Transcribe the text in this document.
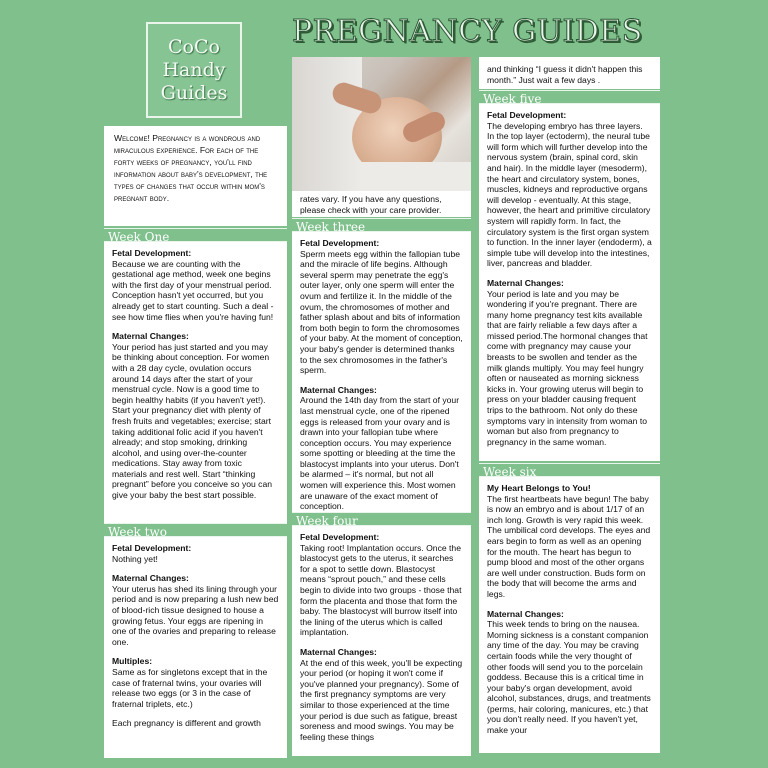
CoCo
Handy
Guides
PREGNANCY GUIDES
Welcome! Pregnancy is a wondrous and miraculous experience. For each of the forty weeks of pregnancy, you'll find information about baby's development, the types of changes that occur within mom's pregnant body.
Week One

Fetal Development:
Because we are counting with the gestational age method, week one begins with the first day of your menstrual period. Conception hasn't yet occurred, but you already get to start counting. Such a deal - see how time flies when you're having fun!

Maternal Changes:
Your period has just started and you may be thinking about conception. For women with a 28 day cycle, ovulation occurs around 14 days after the start of your menstrual cycle. Now is a good time to begin healthy habits (if you haven't yet!). Start your pregnancy diet with plenty of fresh fruits and vegetables; exercise; start taking additional folic acid if you haven't already; and stop smoking, drinking alcohol, and using over-the-counter medications. Stay away from toxic materials and rest well. Start “thinking pregnant” before you conceive so you can give your baby the best start possible.

Week two

Fetal Development:
Nothing yet!

Maternal Changes:
Your uterus has shed its lining through your period and is now preparing a lush new bed of blood-rich tissue designed to house a growing fetus. Your eggs are ripening in one of the ovaries and preparing to release one.

Multiples:
Same as for singletons except that in the case of fraternal twins, your ovaries will release two eggs (or 3 in the case of fraternal triplets, etc.)

Each pregnancy is different and growth

rates vary. If you have any questions, please check with your care provider.
Week three

Fetal Development:
Sperm meets egg within the fallopian tube and the miracle of life begins. Although several sperm may penetrate the egg's outer layer, only one sperm will enter the ovum and fertilize it. In the middle of the ovum, the chromosomes of mother and father splash about and bits of information from both begin to form the chromosomes of your baby. At the moment of conception, your baby's gender is determined thanks to the sex chromosomes in the father's sperm.

Maternal Changes:
Around the 14th day from the start of your last menstrual cycle, one of the ripened eggs is released from your ovary and is drawn into your fallopian tube where conception occurs. You may experience some spotting or bleeding at the time the blastocyst implants into your uterus. Don't be alarmed – it's normal, but not all women will experience this. Most women are unaware of the exact moment of conception.

Week four

Fetal Development:
Taking root! Implantation occurs. Once the blastocyst gets to the uterus, it searches for a spot to settle down. Blastocyst means “sprout pouch,” and these cells begin to divide into two groups - those that form the placenta and those that form the baby. The blastocyst will burrow itself into the lining of the uterus which is called implantation.

Maternal Changes:
At the end of this week, you'll be expecting your period (or hoping it won't come if you've planned your pregnancy). Some of the first pregnancy symptoms are very similar to those experienced at the time your period is due such as fatigue, breast soreness and mood swings. You may be feeling these things

and thinking “I guess it didn't happen this month.” Just wait a few days .
Week five

Fetal Development:
The developing embryo has three layers. In the top layer (ectoderm), the neural tube will form which will further develop into the nervous system (brain, spinal cord, skin and hair). In the middle layer (mesoderm), the heart and circulatory system, bones, muscles, kidneys and reproductive organs will develop - eventually. At this stage, however, the heart and primitive circulatory system will rapidly form. In fact, the circulatory system is the first organ system to function. In the inner layer (endoderm), a simple tube will develop into the intestines, liver, pancreas and bladder.

Maternal Changes:
Your period is late and you may be wondering if you're pregnant. There are many home pregnancy test kits available that are fairly reliable a few days after a missed period.The hormonal changes that come with pregnancy may cause your breasts to be swollen and tender as the milk glands multiply. You may feel hungry often or nauseated as morning sickness kicks in. Your growing uterus will begin to press on your bladder causing frequent trips to the bathroom. Not only do these symptoms vary in intensity from woman to woman but also from pregnancy to pregnancy in the same woman.

Week six

My Heart Belongs to You!
The first heartbeats have begun! The baby is now an embryo and is about 1/17 of an inch long. Growth is very rapid this week. The umbilical cord develops. The eyes and ears begin to form as well as an opening for the mouth. The heart has begun to pump blood and most of the other organs are well under construction. Buds form on the body that will become the arms and legs.

Maternal Changes:
This week tends to bring on the nausea. Morning sickness is a constant companion any time of the day. You may be craving certain foods while the very thought of other foods will send you to the porcelain goddess. Because this is a critical time in your baby's organ development, avoid alcohol, substances, drugs, and treatments (perms, hair coloring, manicures, etc.) that you don't really need. If you haven't yet, make your
